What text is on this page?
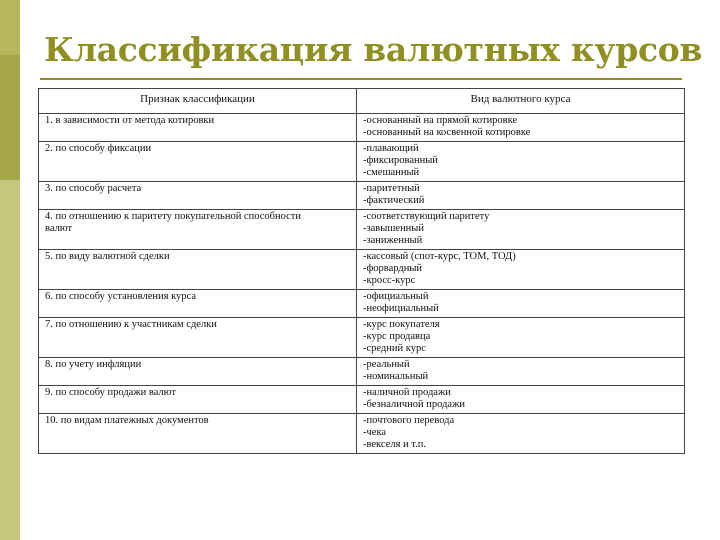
Классификация валютных курсов
Признак классификации	Вид валютного курса

1. в зависимости от метода котировки	-основанный на прямой котировке
-основанный на косвенной котировке

2. по способу фиксации	-плавающий
-фиксированный
-смешанный

3. по способу расчета	-паритетный
-фактический

4. по отношению к паритету покупательной способности
валют	-соответствующий паритету
-завышенный
-заниженный

5. по виду валютной сделки	-кассовый (спот-курс, ТОМ, ТОД)
-форвардный
-кросс-курс

6. по способу установления курса	-официальный
-неофициальный

7. по отношению к участникам сделки	-курс покупателя
-курс продавца
-средний курс

8. по учету инфляции	-реальный
-номинальный

9. по способу продажи валют	-наличной продажи
-безналичной продажи

10. по видам платежных документов	-почтового перевода
-чека
-векселя и т.п.
